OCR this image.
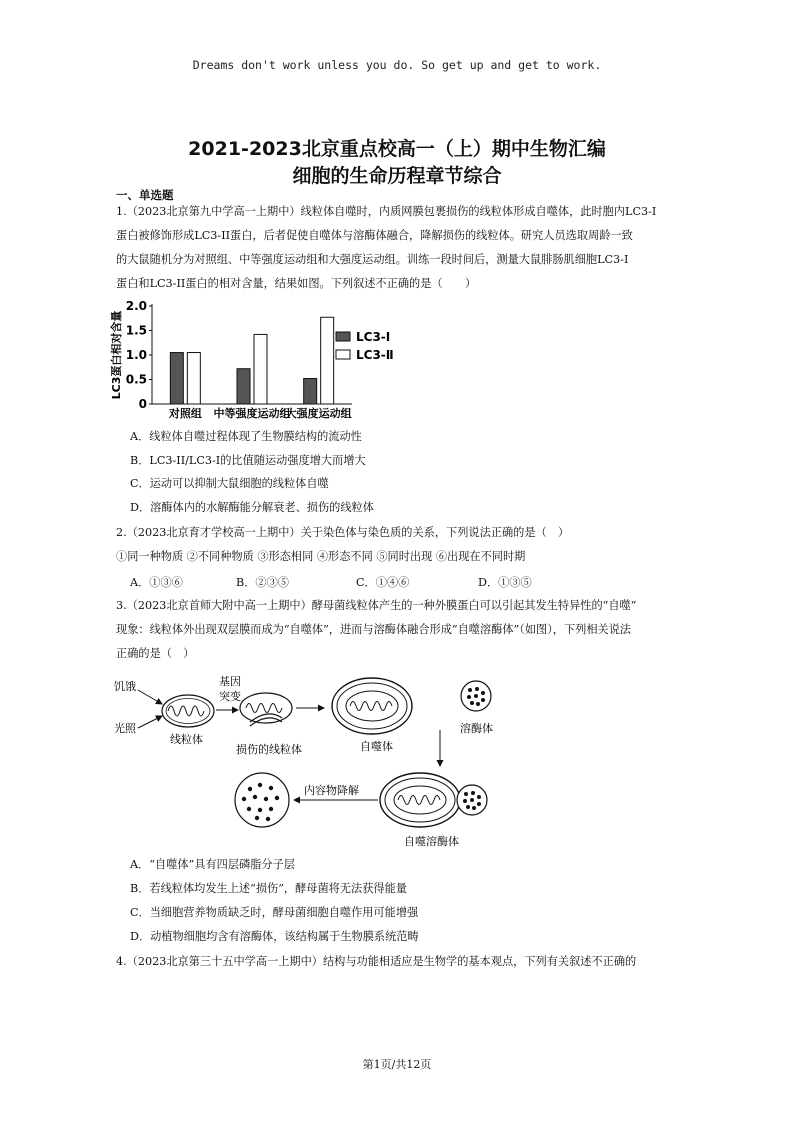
Dreams don't work unless you do. So get up and get to work.
2021-2023北京重点校高一（上）期中生物汇编
细胞的生命历程章节综合
一、单选题
1.（2023北京第九中学高一上期中）线粒体自噬时，内质网膜包裹损伤的线粒体形成自噬体，此时胞内LC3-I
蛋白被修饰形成LC3-II蛋白，后者促使自噬体与溶酶体融合，降解损伤的线粒体。研究人员选取周龄一致
的大鼠随机分为对照组、中等强度运动组和大强度运动组。训练一段时间后，测量大鼠腓肠肌细胞LC3-I
蛋白和LC3-II蛋白的相对含量，结果如图。下列叙述不正确的是（　　）
0
0.5
1.0
1.5
2.0
LC3蛋白相对含量
对照组 中等强度运动组
大强度运动组
LC3-Ⅰ
LC3-Ⅱ
A．线粒体自噬过程体现了生物膜结构的流动性
B．LC3-II/LC3-I的比值随运动强度增大而增大
C．运动可以抑制大鼠细胞的线粒体自噬
D．溶酶体内的水解酶能分解衰老、损伤的线粒体
2.（2023北京育才学校高一上期中）关于染色体与染色质的关系，下列说法正确的是（　）
①同一种物质 ②不同种物质 ③形态相同 ④形态不同 ⑤同时出现 ⑥出现在不同时期
A．①③⑥	B．②③⑤	C．①④⑥	D．①③⑤
3.（2023北京首师大附中高一上期中）酵母菌线粒体产生的一种外膜蛋白可以引起其发生特异性的“自噬”
现象：线粒体外出现双层膜而成为“自噬体”，进而与溶酶体融合形成“自噬溶酶体”（如图），下列相关说法
正确的是（　）
饥饿
光照
线粒体
基因
突变
损伤的线粒体	自噬体
溶酶体
内容物降解
自噬溶酶体
A．“自噬体”具有四层磷脂分子层
B．若线粒体均发生上述“损伤”，酵母菌将无法获得能量
C．当细胞营养物质缺乏时，酵母菌细胞自噬作用可能增强
D．动植物细胞均含有溶酶体，该结构属于生物膜系统范畴
4.（2023北京第三十五中学高一上期中）结构与功能相适应是生物学的基本观点，下列有关叙述不正确的
第1页/共12页
